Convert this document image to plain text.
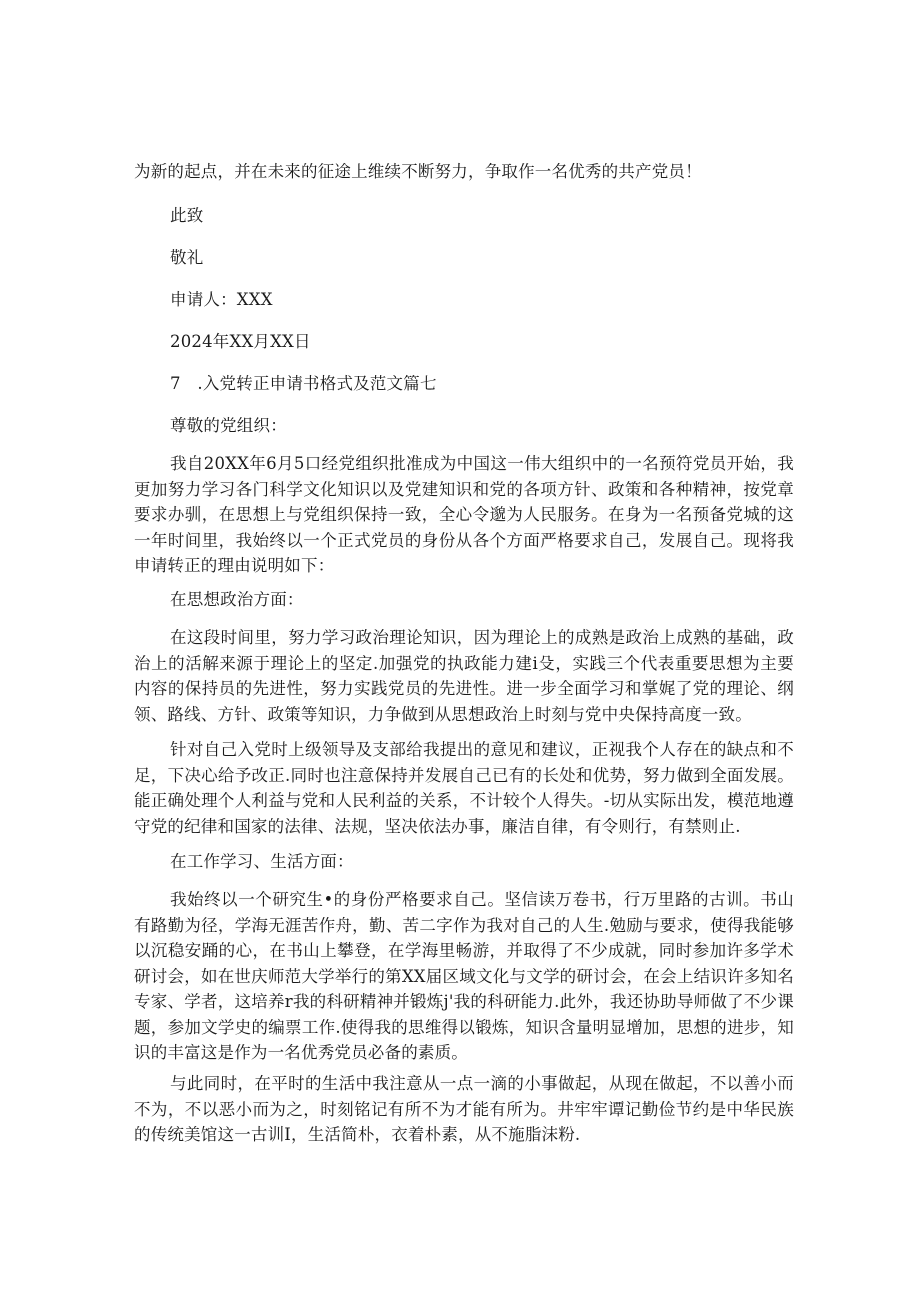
为新的起点，并在未来的征途上维续不断努力，争取作一名优秀的共产党员！

此致

敬礼

申请人：XXX

2024年XX月XX日

7　.入党转正申请书格式及范文篇七

尊敬的党组织：

我自20XX年6月5口经党组织批准成为中国这一伟大组织中的一名预符党员开始，我更加努力学习各门科学文化知识以及党建知识和党的各项方针、政策和各种精神，按党章要求办驯，在思想上与党组织保持一致，全心令邈为人民服务。在身为一名预备党城的这一年时间里，我始终以一个正式党员的身份从各个方面严格要求自己，发展自己。现将我申请转正的理由说明如下：

在思想政治方面：

在这段时间里，努力学习政治理论知识，因为理论上的成熟是政治上成熟的基础，政治上的活解来源于理论上的坚定.加强党的执政能力建i殳，实践三个代表重要思想为主要内容的保持员的先进性，努力实践党员的先进性。进一步全面学习和掌娓了党的理论、纲领、路线、方针、政策等知识，力争做到从思想政治上时刻与党中央保持高度一致。

针对自己入党时上级领导及支部给我提出的意见和建议，正视我个人存在的缺点和不足，下决心给予改正.同时也注意保持并发展自己已有的长处和优势，努力做到全面发展。能正确处理个人利益与党和人民利益的关系，不计较个人得失。-切从实际出发，模范地遵守党的纪律和国家的法律、法规，坚决依法办事，廉洁自律，有令则行，有禁则止.

在工作学习、生活方面：

我始终以一个研究生•的身份严格要求自己。坚信读万卷书，行万里路的古训。书山有路勤为径，学海无涯苦作舟，勤、苦二字作为我对自己的人生.勉励与要求，使得我能够以沉稳安踊的心，在书山上攀登，在学海里畅游，并取得了不少成就，同时参加许多学术研讨会，如在世庆师范大学举行的第XX届区域文化与文学的研讨会，在会上结识许多知名专家、学者，这培养r我的科研精神并锻炼j'我的科研能力.此外，我还协助导师做了不少课题，参加文学史的编票工作.使得我的思维得以锻炼，知识含量明显增加，思想的进步，知识的丰富这是作为一名优秀党员必备的素质。

与此同时，在平时的生活中我注意从一点一滴的小事做起，从现在做起，不以善小而不为，不以恶小而为之，时刻铭记有所不为才能有所为。井牢牢谭记勤俭节约是中华民族的传统美馆这一古训I，生活简朴，衣着朴素，从不施脂沫粉.
